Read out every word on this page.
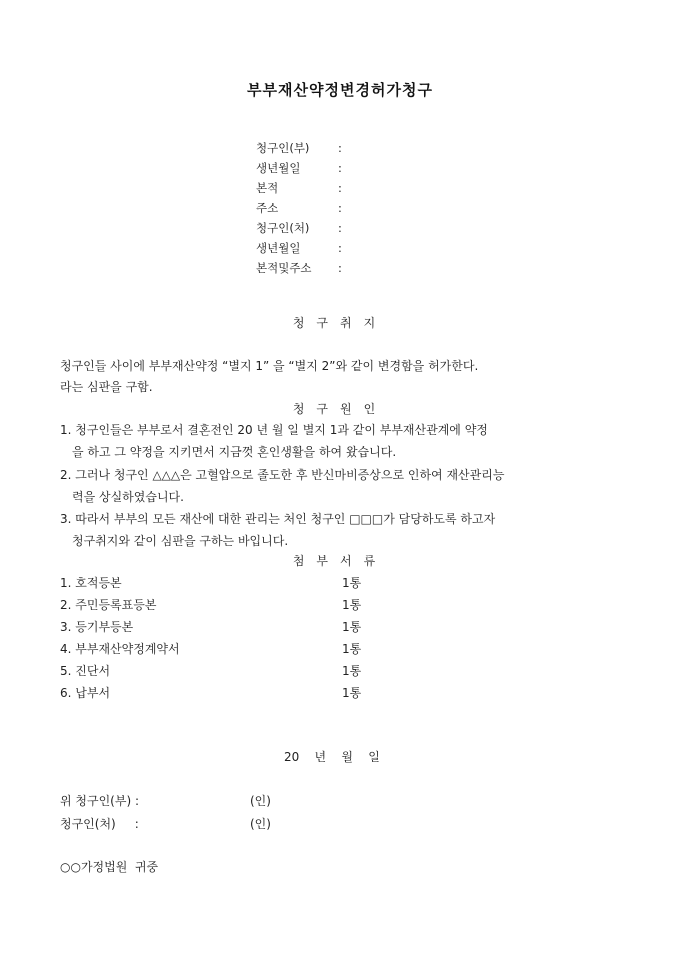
부부재산약정변경허가청구
청구인(부) :
생년월일	:
본적	:
주소	:
청구인(처) :
생년월일	:
본적및주소 :
청구취지
청구인들 사이에 부부재산약정 “별지 1” 을 “별지 2”와 같이 변경함을 허가한다.
라는 심판을 구함.
청구원인
1. 청구인들은 부부로서 결혼전인 20 년 월 일 별지 1과 같이 부부재산관계에 약정
을 하고 그 약정을 지키면서 지금껏 혼인생활을 하여 왔습니다.
2. 그러나 청구인 △△△은 고혈압으로 졸도한 후 반신마비증상으로 인하여 재산관리능
력을 상실하였습니다.
3. 따라서 부부의 모든 재산에 대한 관리는 처인 청구인 □□□가 담당하도록 하고자
청구취지와 같이 심판을 구하는 바입니다.
첨부서류
1. 호적등본	1통
2. 주민등록표등본	1통
3. 등기부등본	1통
4. 부부재산약정계약서	1통
5. 진단서	1통
6. 납부서	1통
20    년    월    일
위 청구인(부) :	(인)
청구인(처)     :	(인)
○○가정법원  귀중
